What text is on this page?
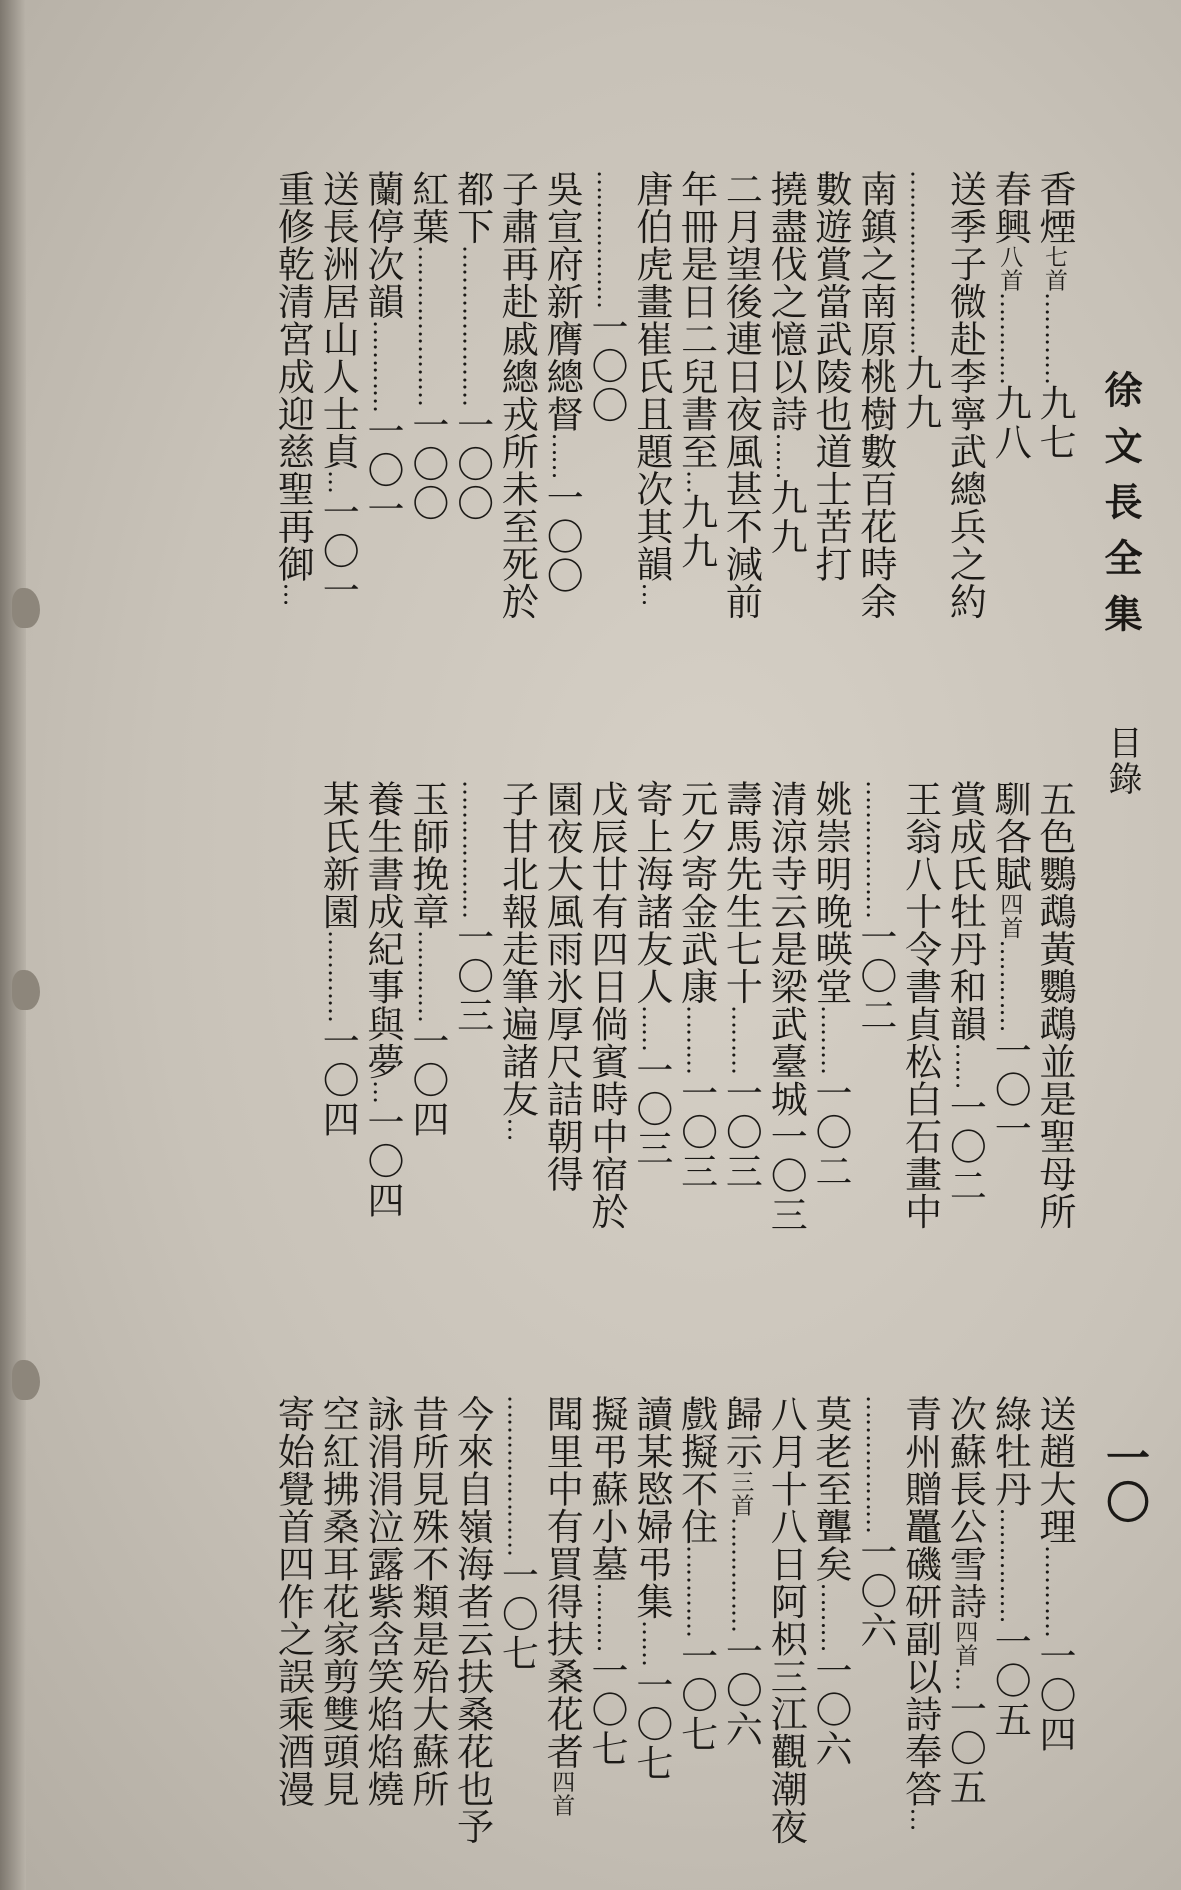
徐文長全集
目錄
一〇
香煙七首…………九七
春興八首…………九八
送季子微赴李寧武總兵之約
……………………九九
南鎮之南原桃樹數百花時余
數遊賞當武陵也道士苦打
撓盡伐之憶以詩……九九
二月望後連日夜風甚不減前
年冊是日二兒書至…九九
唐伯虎畫崔氏且題次其韻…
………………一〇〇
吳宣府新膺總督……一〇〇
子肅再赴戚總戎所未至死於
都下…………………一〇〇
紅葉…………………一〇〇
蘭停次韻…………一〇一
送長洲居山人士貞…一〇一
重修乾清宮成迎慈聖再御…
五色鸚鵡黃鸚鵡並是聖母所
馴各賦四首…………一〇一
賞成氏牡丹和韻……一〇二
王翁八十令書貞松白石畫中
………………一〇二
姚崇明晚暎堂………一〇二
清涼寺云是梁武臺城一〇三
壽馬先生七十………一〇三
元夕寄金武康………一〇三
寄上海諸友人……一〇三
戊辰廿有四日倘賓時中宿於
園夜大風雨氷厚尺詰朝得
子甘北報走筆遍諸友…
………………一〇三
玉師挽章…………一〇四
養生書成紀事與夢…一〇四
某氏新園…………一〇四
送趙大理…………一〇四
綠牡丹……………一〇五
次蘇長公雪詩四首…一〇五
青州贈鼉磯研副以詩奉答…
………………一〇六
莫老至聾矣………一〇六
八月十八日阿枳三江觀潮夜
歸示三首……………一〇六
戲擬不住…………一〇七
讀某愍婦弔集……一〇七
擬弔蘇小墓………一〇七
聞里中有買得扶桑花者四首
…………………一〇七
今來自嶺海者云扶桑花也予
昔所見殊不類是殆大蘇所
詠涓涓泣露紫含笑焰焰燒
空紅拂桑耳花家剪雙頭見
寄始覺首四作之誤乘酒漫
